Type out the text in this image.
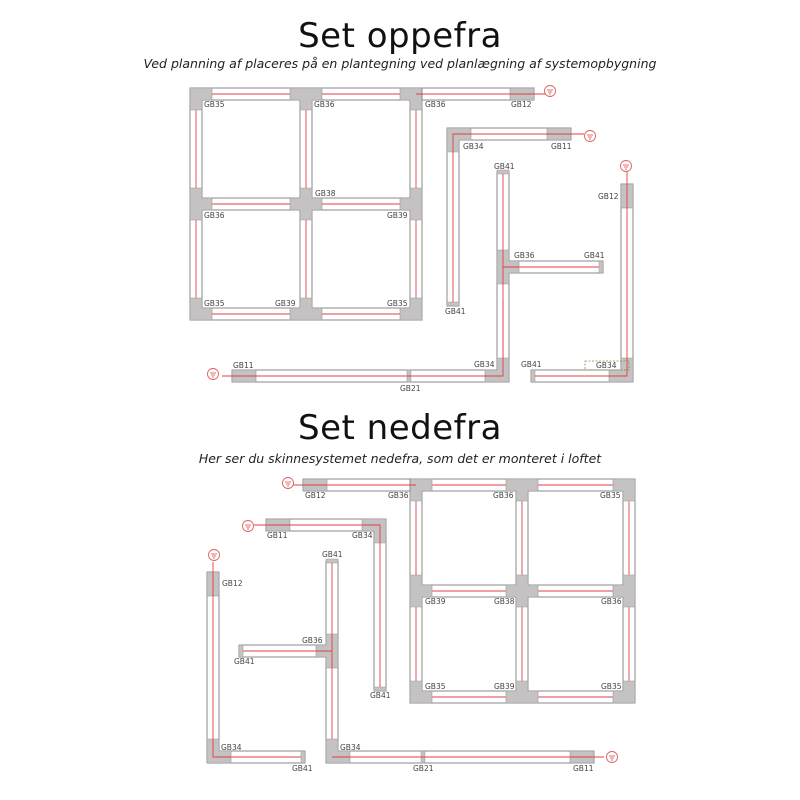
Set oppefra

Ved planning af placeres på en plantegning ved planlægning af systemopbygning

Set nedefra

Her ser du skinnesystemet nedefra, som det er monteret i loftet

GB35	GB36	GB36	GB12
GB34	GB11
GB38
GB36	GB39
GB41
GB12
GB36	GB41
GB35	GB39	GB35
GB41
GB11	GB34
GB21
GB41	GB34
GB12	GB36	GB36	GB35
GB11	GB34
GB41
GB12
GB39	GB38	GB36
GB36
GB41
GB35	GB39	GB35
GB41
GB34
GB41
GB34
GB21	GB11
